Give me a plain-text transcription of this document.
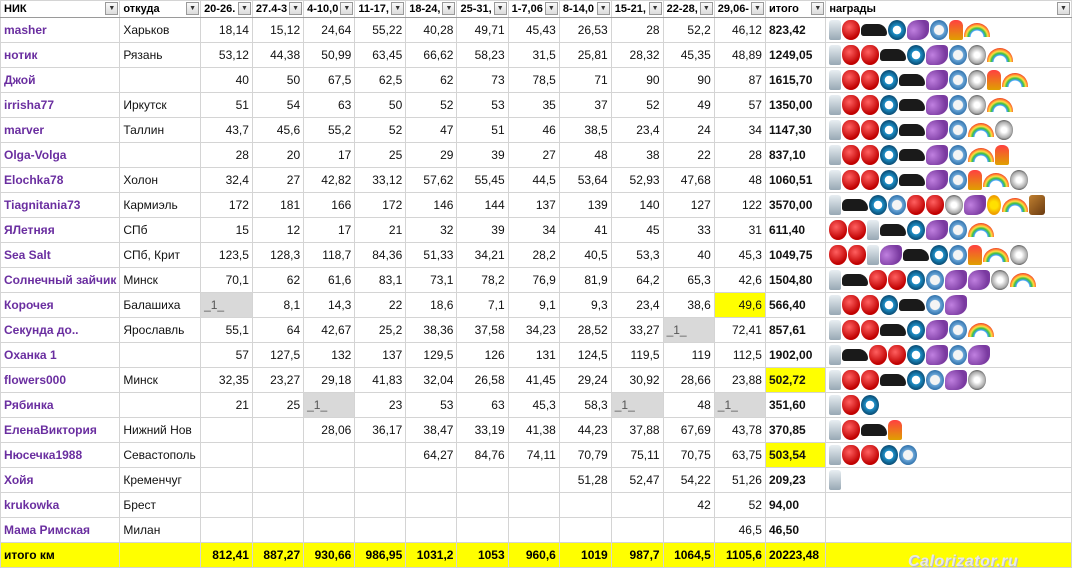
НИК ▼	откуда ▼	20-26. ▼	27.4-3 ▼	4-10,0 ▼	11-17, ▼	18-24, ▼	25-31, ▼	1-7,06 ▼	8-14,0 ▼	15-21, ▼	22-28, ▼	29,06- ▼	итого ▼	награды ▼

masher	Харьков	18,14	15,12	24,64	55,22	40,28	49,71	45,43	26,53	28	52,2	46,12	823,42	

нотик	Рязань	53,12	44,38	50,99	63,45	66,62	58,23	31,5	25,81	28,32	45,35	48,89	1249,05	

Джой		40	50	67,5	62,5	62	73	78,5	71	90	90	87	1615,70	

irrisha77	Иркутск	51	54	63	50	52	53	35	37	52	49	57	1350,00	

marver	Таллин	43,7	45,6	55,2	52	47	51	46	38,5	23,4	24	34	1147,30	

Olga-Volga		28	20	17	25	29	39	27	48	38	22	28	837,10	

Elochka78	Холон	32,4	27	42,82	33,12	57,62	55,45	44,5	53,64	52,93	47,68	48	1060,51	

Tiagnitania73	Кармиэль	172	181	166	172	146	144	137	139	140	127	122	3570,00	

ЯЛетняя	СПб	15	12	17	21	32	39	34	41	45	33	31	611,40	

Sea Salt	СПб, Крит	123,5	128,3	118,7	84,36	51,33	34,21	28,2	40,5	53,3	40	45,3	1049,75	

Солнечный зайчик	Минск	70,1	62	61,6	83,1	73,1	78,2	76,9	81,9	64,2	65,3	42,6	1504,80	

Корочея	Балашиха	_1_	8,1	14,3	22	18,6	7,1	9,1	9,3	23,4	38,6	49,6	566,40	

Секунда до..	Ярославль	55,1	64	42,67	25,2	38,36	37,58	34,23	28,52	33,27	_1_	72,41	857,61	

Оханка 1		57	127,5	132	137	129,5	126	131	124,5	119,5	119	112,5	1902,00	

flowers000	Минск	32,35	23,27	29,18	41,83	32,04	26,58	41,45	29,24	30,92	28,66	23,88	502,72	

Рябинка		21	25	_1_	23	53	63	45,3	58,3	_1_	48	_1_	351,60	

ЕленаВиктория	Нижний Нов			28,06	36,17	38,47	33,19	41,38	44,23	37,88	67,69	43,78	370,85	

Нюсечка1988	Севастополь					64,27	84,76	74,11	70,79	75,11	70,75	63,75	503,54	

Хойя	Кременчуг								51,28	52,47	54,22	51,26	209,23	

krukowka	Брест										42	52	94,00	

Мама Римская	Милан											46,5	46,50	

итого км		812,41	887,27	930,66	986,95	1031,2	1053	960,6	1019	987,7	1064,5	1105,6	20223,48		Calorizator.ru
